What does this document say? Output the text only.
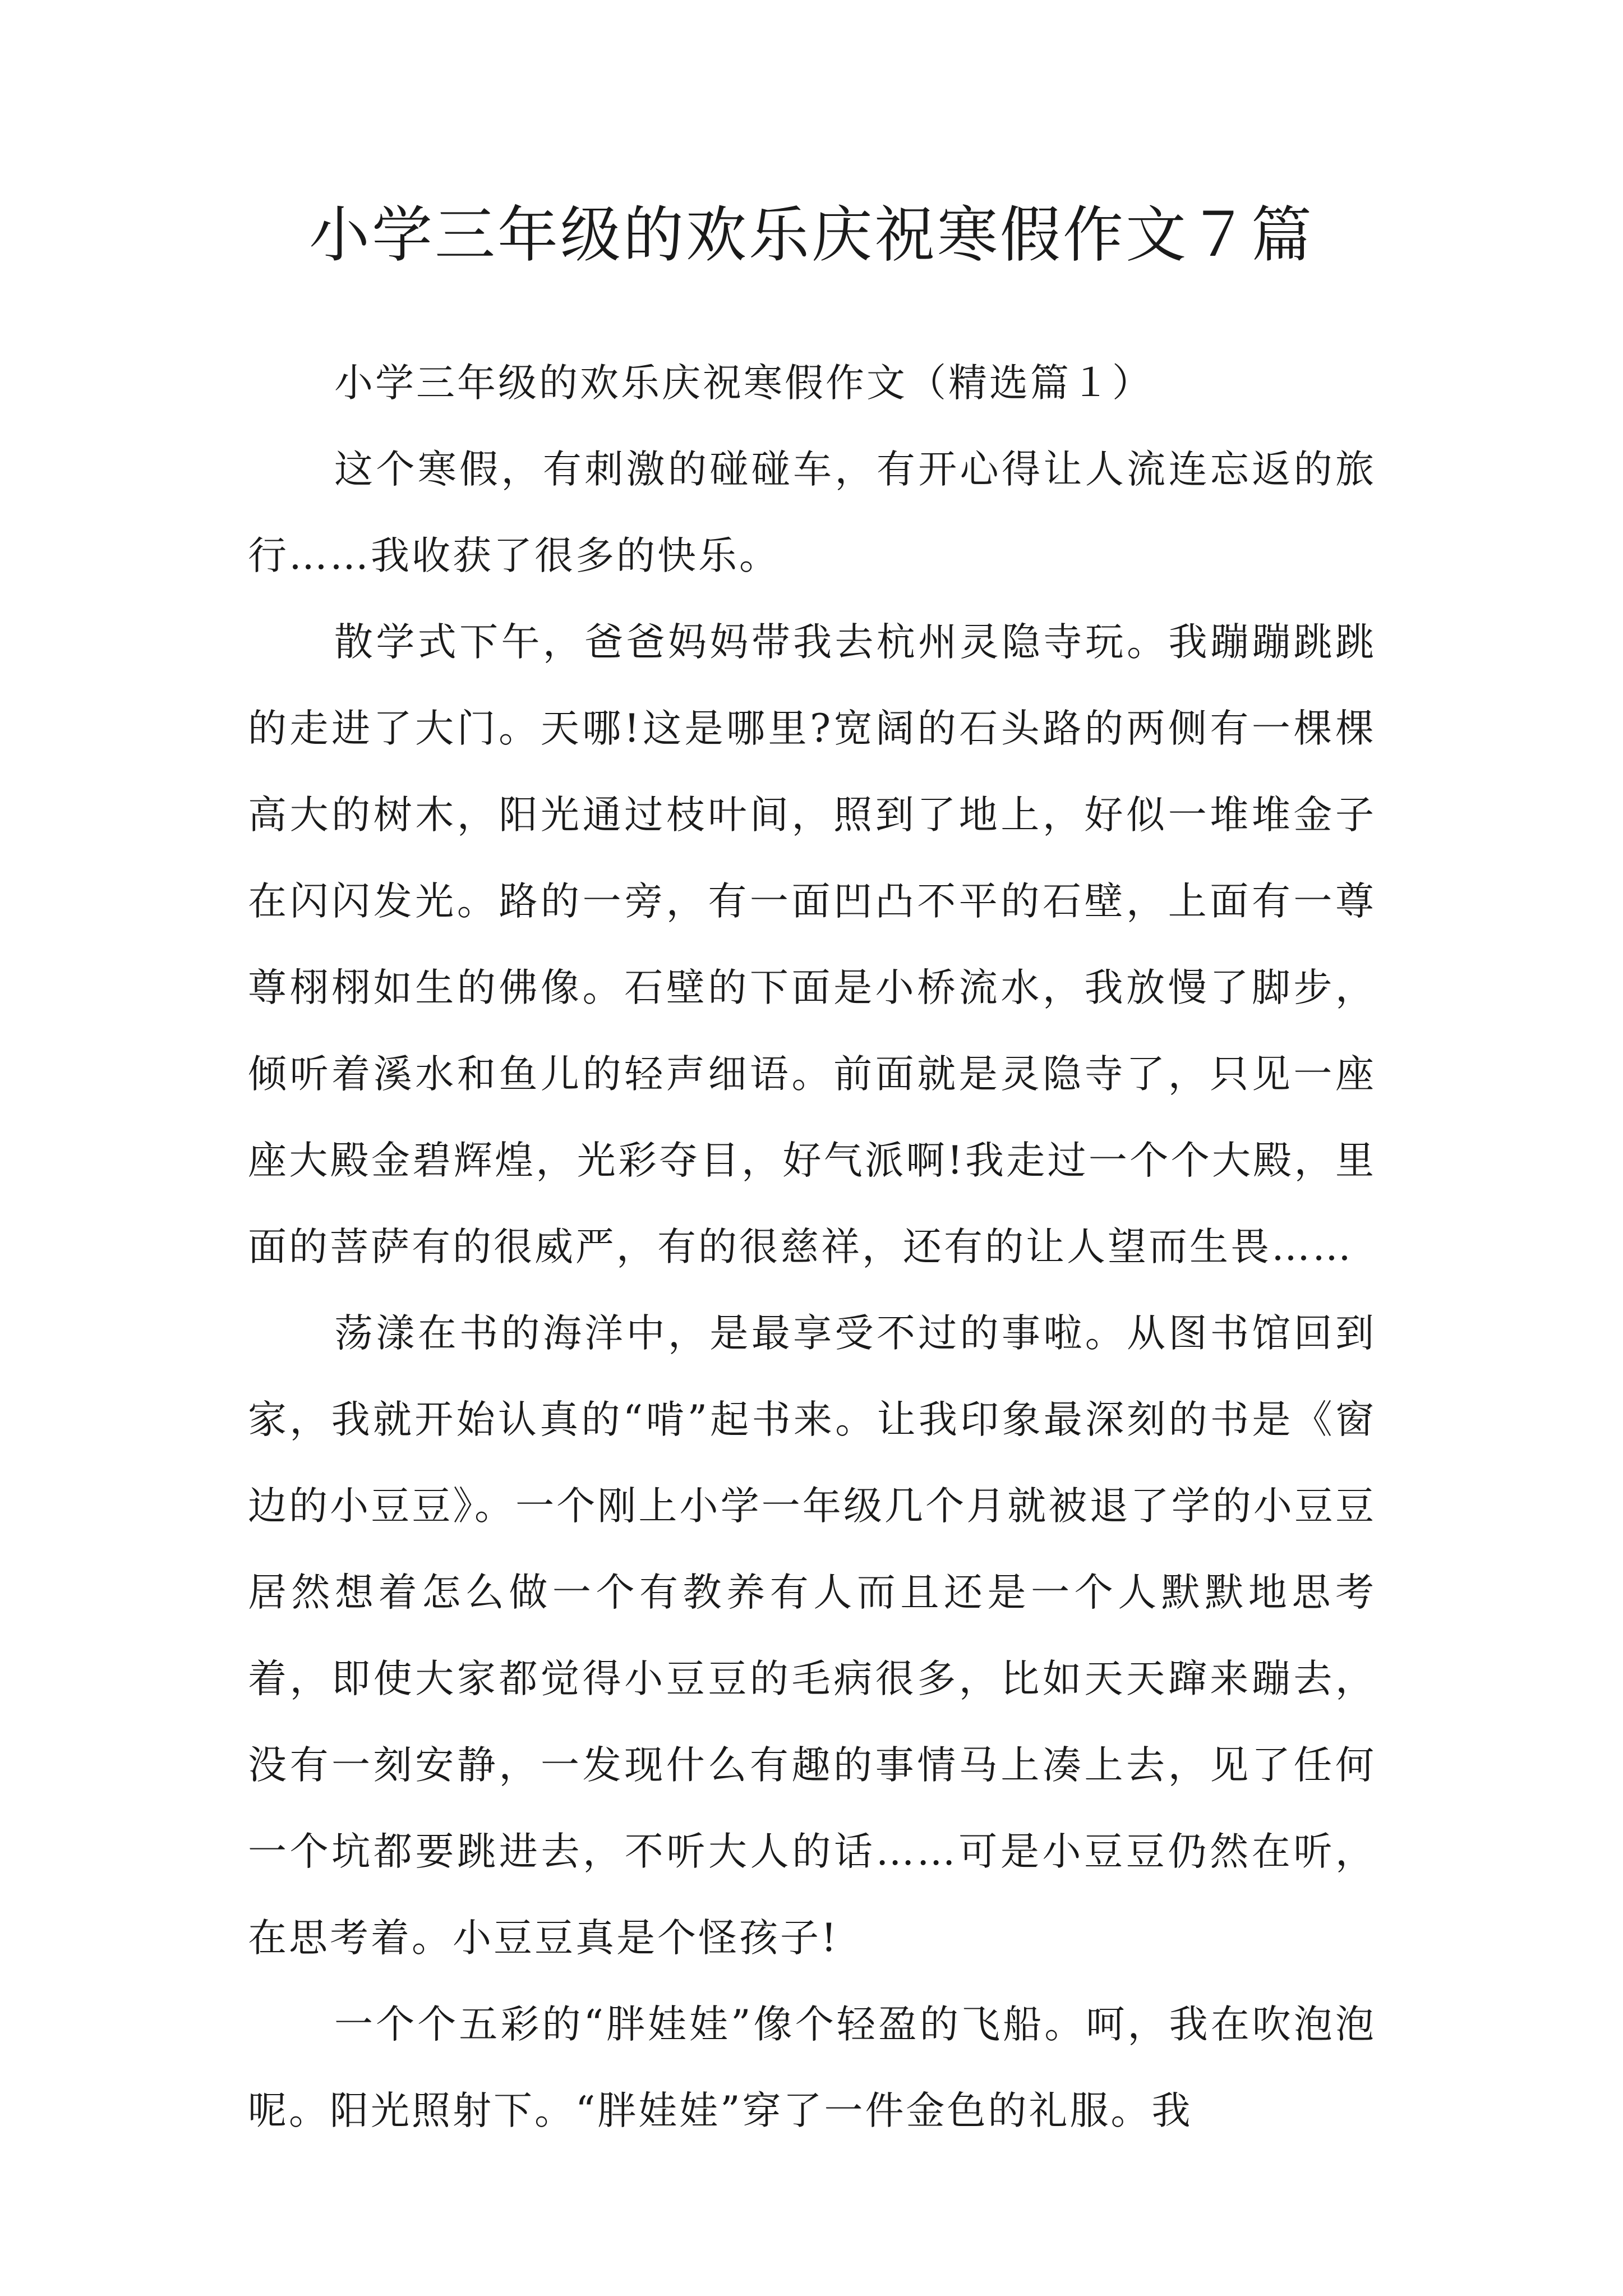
小学三年级的欢乐庆祝寒假作文７篇

小学三年级的欢乐庆祝寒假作文（精选篇１）

这个寒假，有刺激的碰碰车，有开心得让人流连忘返的旅行……我收获了很多的快乐。

散学式下午，爸爸妈妈带我去杭州灵隐寺玩。我蹦蹦跳跳的走进了大门。天哪!这是哪里?宽阔的石头路的两侧有一棵棵高大的树木，阳光通过枝叶间，照到了地上，好似一堆堆金子在闪闪发光。路的一旁，有一面凹凸不平的石壁，上面有一尊尊栩栩如生的佛像。石壁的下面是小桥流水，我放慢了脚步，倾听着溪水和鱼儿的轻声细语。前面就是灵隐寺了，只见一座座大殿金碧辉煌，光彩夺目，好气派啊!我走过一个个大殿，里面的菩萨有的很威严，有的很慈祥，还有的让人望而生畏……

荡漾在书的海洋中，是最享受不过的事啦。从图书馆回到家，我就开始认真的“啃”起书来。让我印象最深刻的书是《窗边的小豆豆》。一个刚上小学一年级几个月就被退了学的小豆豆居然想着怎么做一个有教养有人而且还是一个人默默地思考着，即使大家都觉得小豆豆的毛病很多，比如天天蹿来蹦去，没有一刻安静，一发现什么有趣的事情马上凑上去，见了任何一个坑都要跳进去，不听大人的话……可是小豆豆仍然在听，在思考着。小豆豆真是个怪孩子!

一个个五彩的“胖娃娃”像个轻盈的飞船。呵，我在吹泡泡呢。阳光照射下。“胖娃娃”穿了一件金色的礼服。我
